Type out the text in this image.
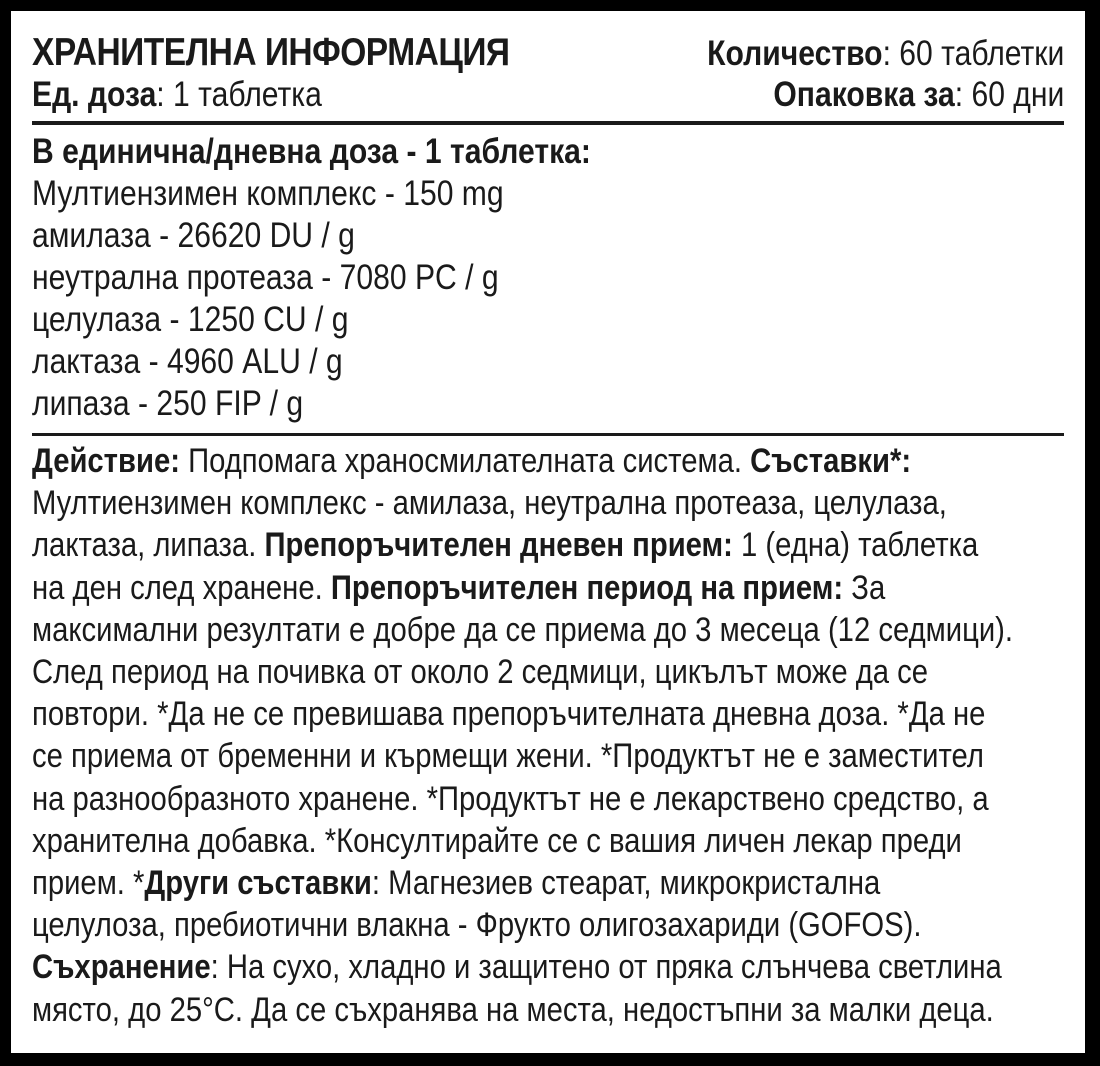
ХРАНИТЕЛНА ИНФОРМАЦИЯ	Количество: 60 таблетки
Ед. доза: 1 таблетка	Опаковка за: 60 дни
В единична/дневна доза - 1 таблетка:
Мултиензимен комплекс - 150 mg
амилаза - 26620 DU / g
неутрална протеаза - 7080 PC / g
целулаза - 1250 CU / g
лактаза - 4960 ALU / g
липаза - 250 FIP / g
Действие: Подпомага храносмилателната система. Съставки*:
Мултиензимен комплекс - амилаза, неутрална протеаза, целулаза,
лактаза, липаза. Препоръчителен дневен прием: 1 (една) таблетка
на ден след хранене. Препоръчителен период на прием: За
максимални резултати е добре да се приема до 3 месеца (12 седмици).
След период на почивка от около 2 седмици, цикълът може да се
повтори. *Да не се превишава препоръчителната дневна доза. *Да не
се приема от бременни и кърмещи жени. *Продуктът не е заместител
на разнообразното хранене. *Продуктът не е лекарствено средство, а
хранителна добавка. *Консултирайте се с вашия личен лекар преди
прием. *Други съставки: Магнезиев стеарат, микрокристална
целулоза, пребиотични влакна - Фрукто олигозахариди (GOFOS).
Съхранение: На сухо, хладно и защитено от пряка слънчева светлина
място, до 25°C. Да се съхранява на места, недостъпни за малки деца.
